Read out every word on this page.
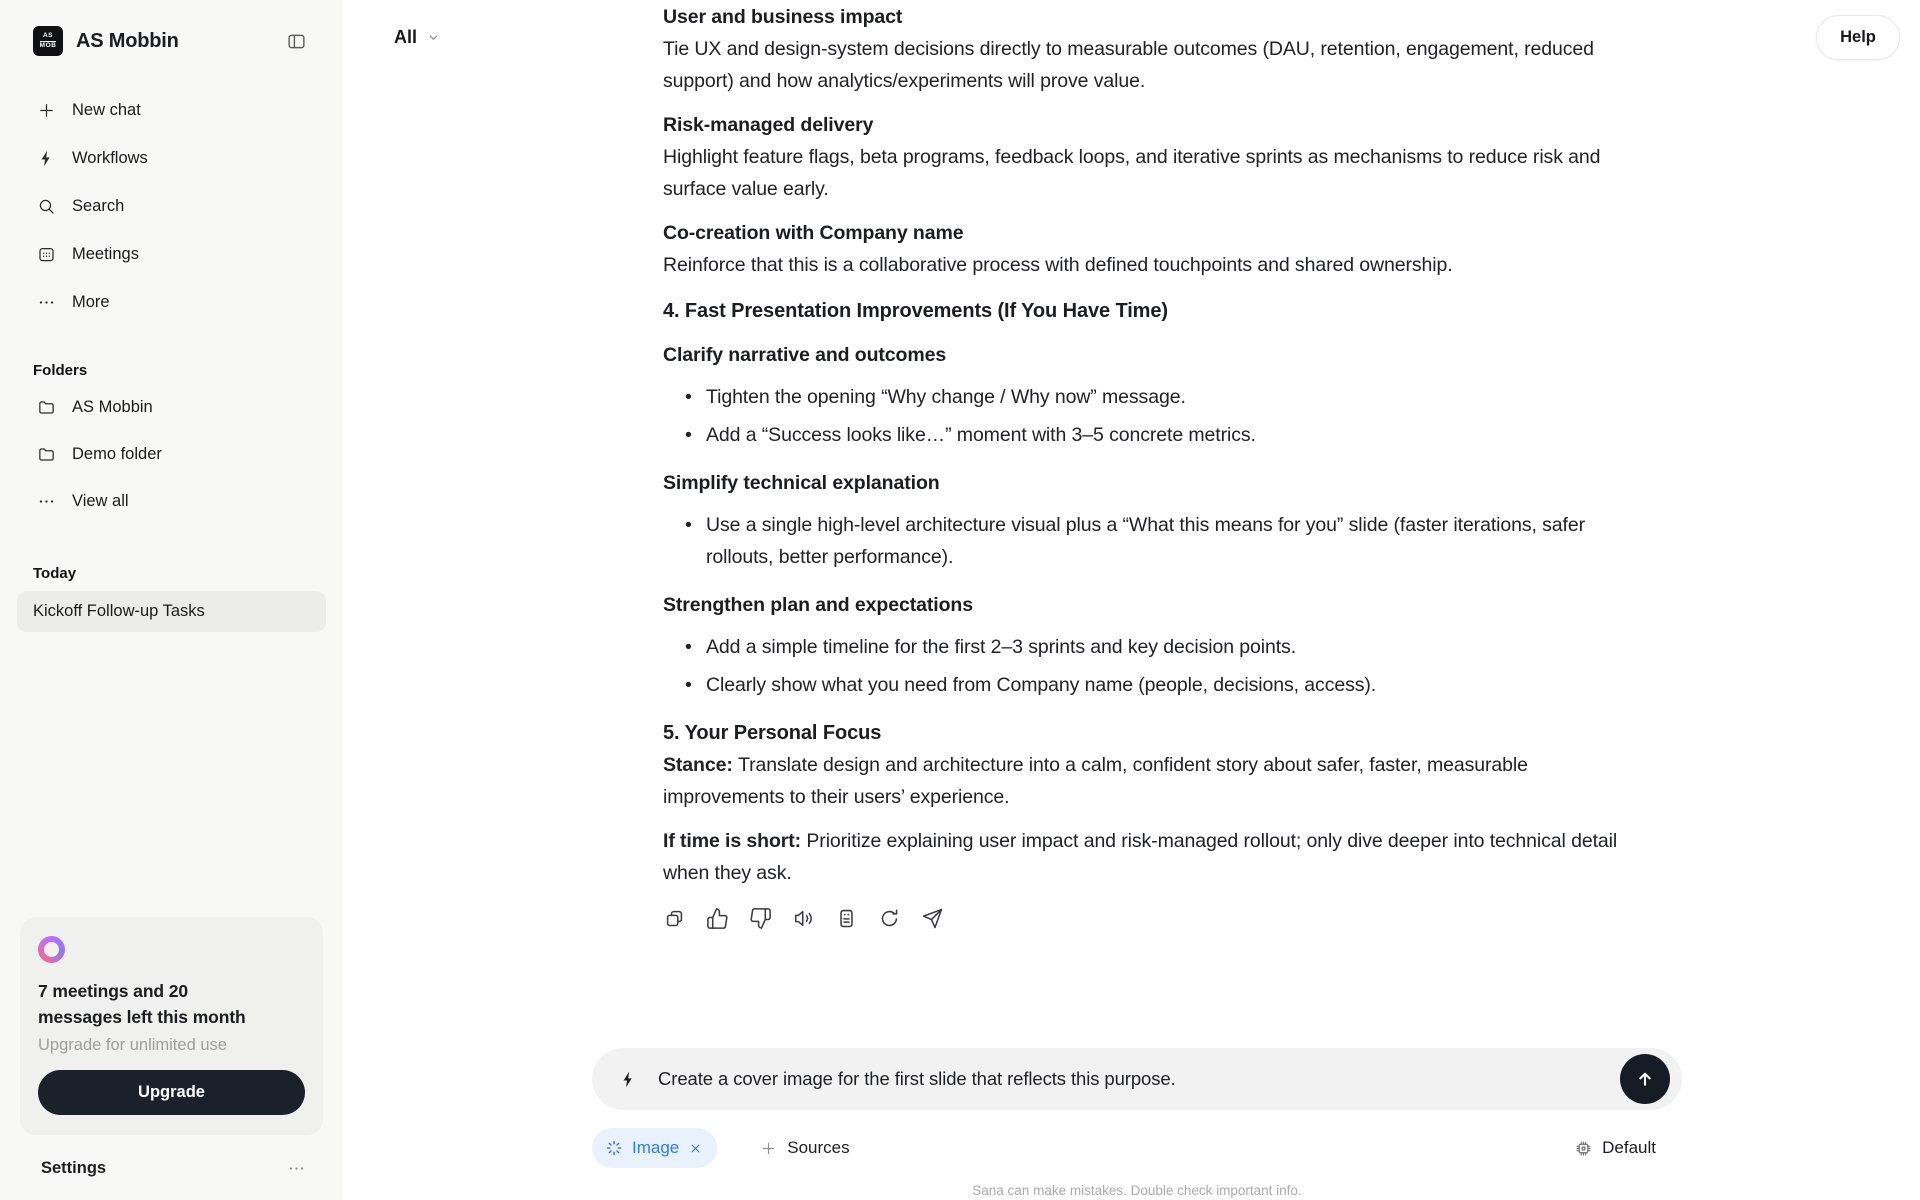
AS
MOB AS Mobbin
New chat
Workflows
Search
Meetings
More
Folders
AS Mobbin
Demo folder
View all
Today
Kickoff Follow-up Tasks
7 meetings and 20 messages left this month
Upgrade for unlimited use
Upgrade
Settings
All	Help
User and business impact
Tie UX and design-system decisions directly to measurable outcomes (DAU, retention, engagement, reduced support) and how analytics/experiments will prove value.
Risk-managed delivery
Highlight feature flags, beta programs, feedback loops, and iterative sprints as mechanisms to reduce risk and surface value early.
Co-creation with Company name
Reinforce that this is a collaborative process with defined touchpoints and shared ownership.
4. Fast Presentation Improvements (If You Have Time)
Clarify narrative and outcomes
• Tighten the opening “Why change / Why now” message.
• Add a “Success looks like…” moment with 3–5 concrete metrics.
Simplify technical explanation
• Use a single high-level architecture visual plus a “What this means for you” slide (faster iterations, safer rollouts, better performance).
Strengthen plan and expectations
• Add a simple timeline for the first 2–3 sprints and key decision points.
• Clearly show what you need from Company name (people, decisions, access).
5. Your Personal Focus
Stance: Translate design and architecture into a calm, confident story about safer, faster, measurable improvements to their users’ experience.
If time is short: Prioritize explaining user impact and risk-managed rollout; only dive deeper into technical detail when they ask.
Create a cover image for the first slide that reflects this purpose.
Image	Sources	Default
Sana can make mistakes. Double check important info.
